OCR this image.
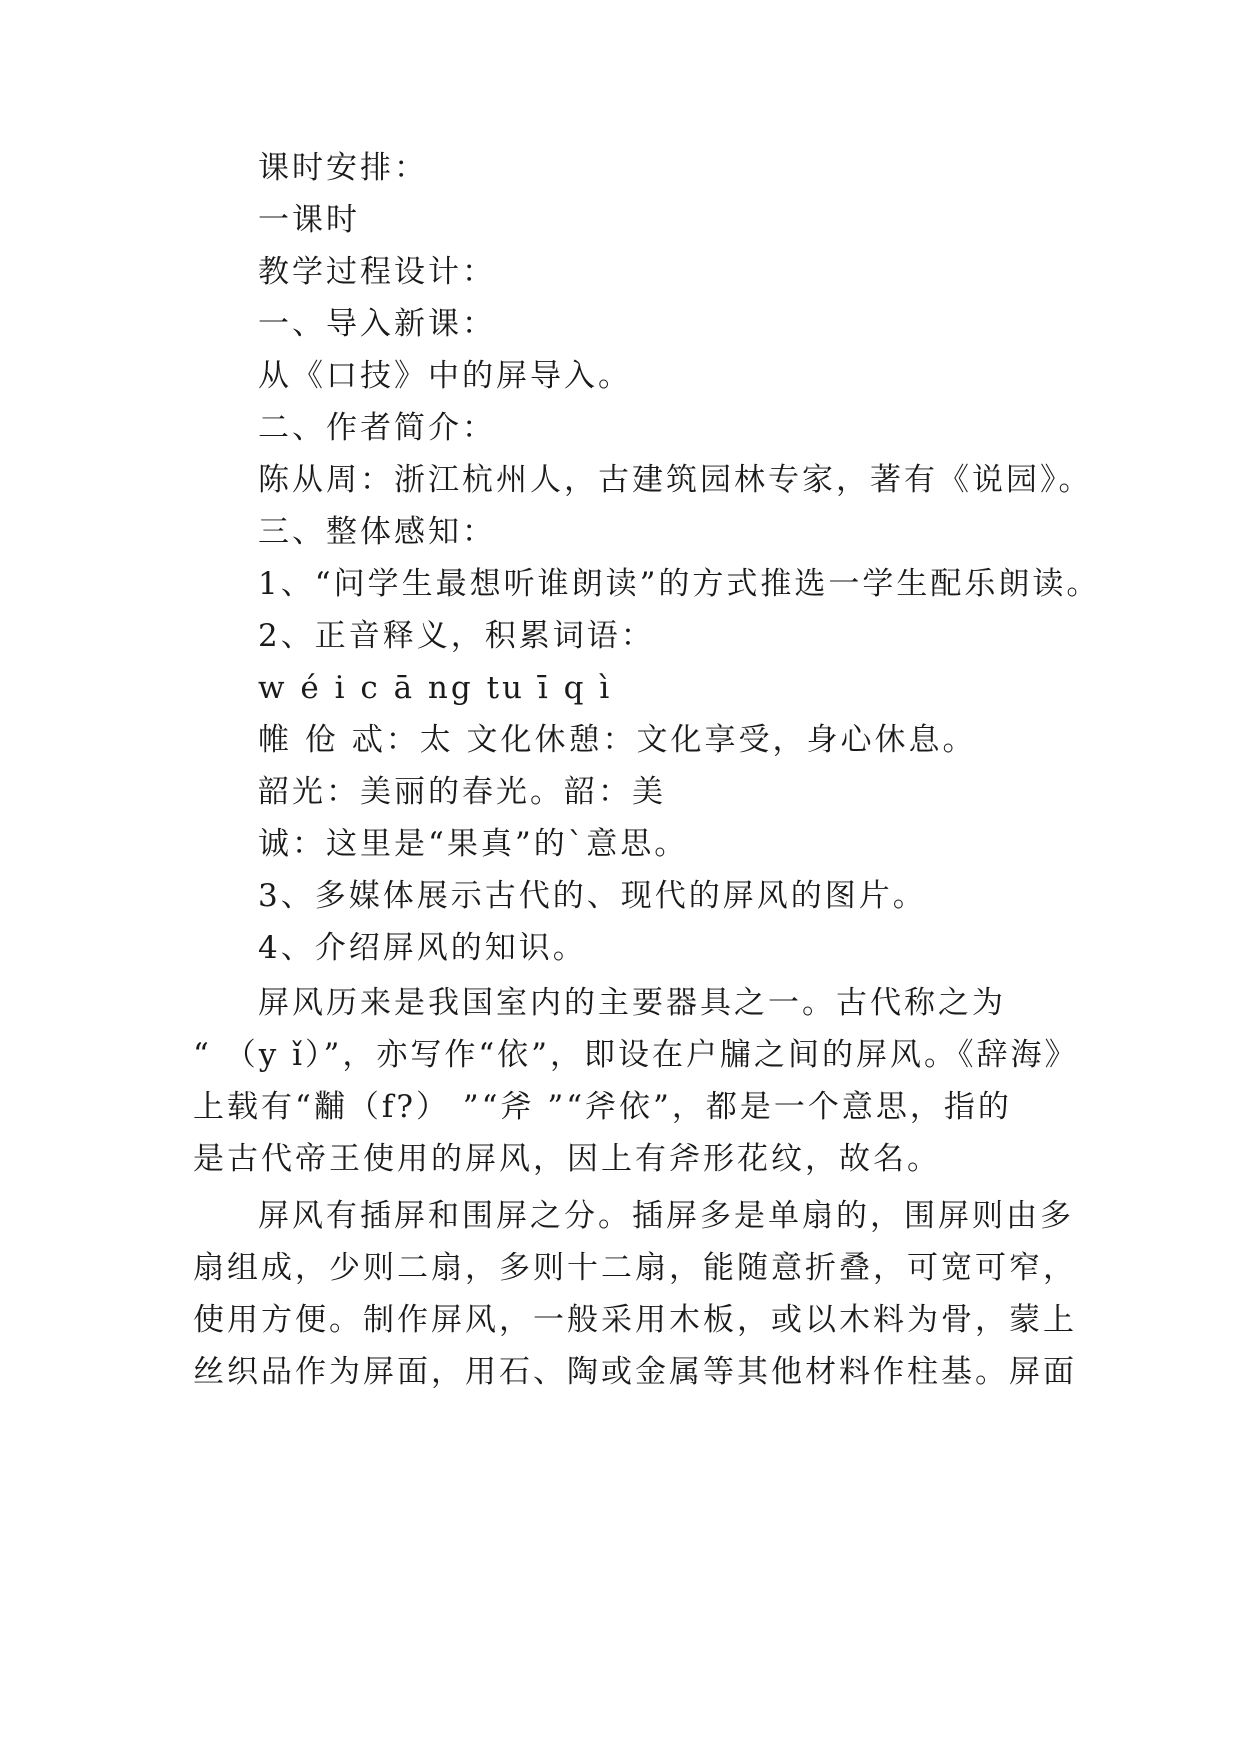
课时安排：
一课时
教学过程设计：
一、导入新课：
从《口技》中的屏导入。
二、作者简介：
陈从周：浙江杭州人，古建筑园林专家，著有《说园》。
三、整体感知：
1、“问学生最想听谁朗读”的方式推选一学生配乐朗读。
2、正音释义，积累词语：
w é i c ā ng tu ī q ì
帷 伧 忒：太 文化休憩：文化享受，身心休息。
韶光：美丽的春光。韶：美
诚：这里是“果真”的`意思。
3、多媒体展示古代的、现代的屏风的图片。
4、介绍屏风的知识。
屏风历来是我国室内的主要器具之一。古代称之为
“ （y ǐ）”，亦写作“依”，即设在户牖之间的屏风。《辞海》
上载有“黼（f?） ”“斧 ”“斧依”，都是一个意思，指的
是古代帝王使用的屏风，因上有斧形花纹，故名。
屏风有插屏和围屏之分。插屏多是单扇的，围屏则由多
扇组成，少则二扇，多则十二扇，能随意折叠，可宽可窄，
使用方便。制作屏风，一般采用木板，或以木料为骨，蒙上
丝织品作为屏面，用石、陶或金属等其他材料作柱基。屏面
